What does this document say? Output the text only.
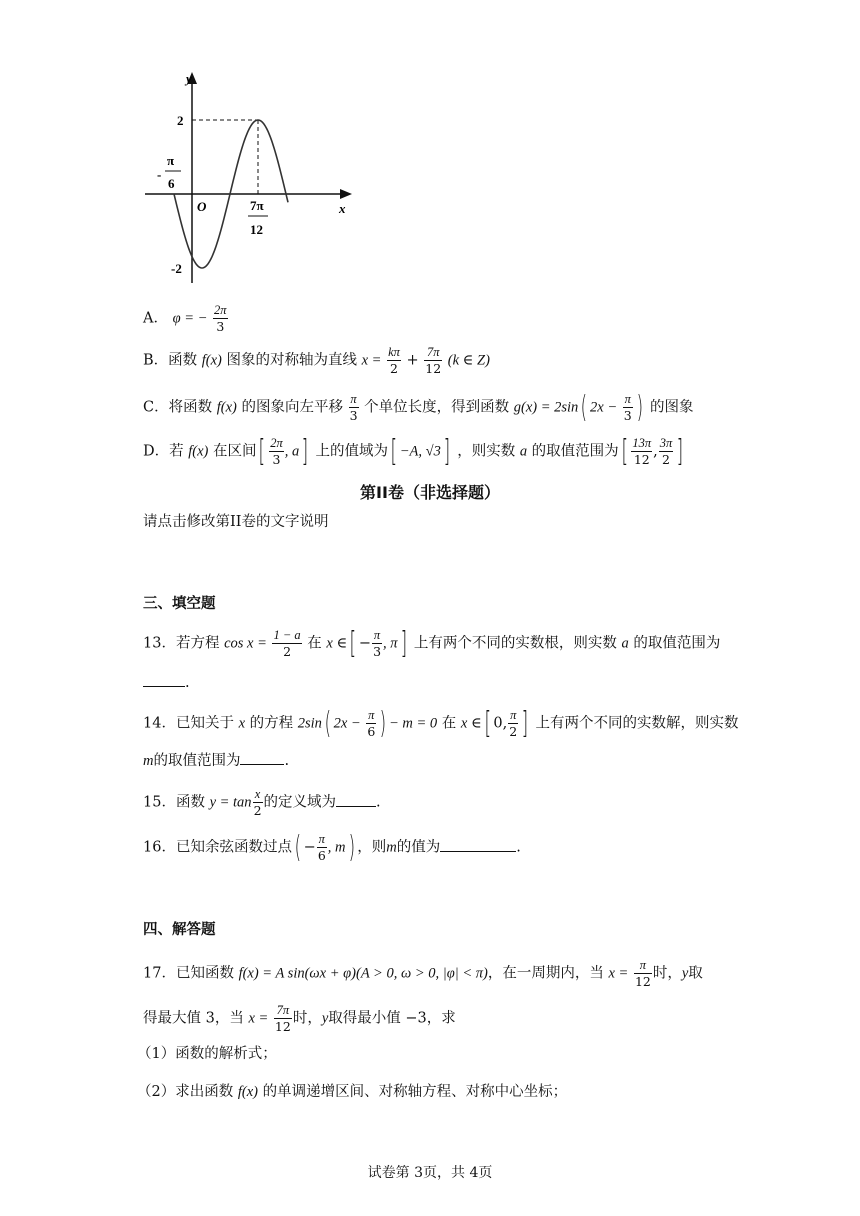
y
x
O
2
-2
-
π
6
7π
12
A． φ = − $\frac{2\pi}{3}$
B．函数 f(x) 图象的对称轴为直线 $x = \frac{k\pi}{2} + \frac{7\pi}{12} (k$ ∈ Z)
C．将函数 f(x) 的图象向左平移 $\frac{\pi}{3}$ 个单位长度，得到函数 g(x) = 2sin( $2x - \frac{\pi}{3}$ ) 的图象
D．若 f(x) 在区间[ $\frac{2\pi}{3}$ , a] 上的值域为[ −A, √3] ，则实数 a 的取值范围为[ $\frac{13\pi}{12}$ , $\frac{3\pi}{2}$ ]
第II卷（非选择题）
请点击修改第II卷的文字说明
三、填空题
13．若方程 $\cos x = \frac{1 - a}{2}$ 在 x ∈[ − $\frac{\pi}{3}$ , π] 上有两个不同的实数根，则实数 a 的取值范围为
.
14．已知关于 x 的方程 2sin( $2x - \frac{\pi}{6}$ ) − m = 0 在 x ∈[ 0, $\frac{\pi}{2}$ ] 上有两个不同的实数解，则实数
m的取值范围为	.
15．函数 $y = \tan \frac{x}{2}$ 的定义域为	.
16．已知余弦函数过点( − $\frac{\pi}{6}$ , m) ，则m的值为	.
四、解答题
17．已知函数 f(x) = A sin(ωx + φ)(A > 0, ω > 0, |φ| < π)，在一周期内，当 $x = \frac{\pi}{12}$ 时，y取
得最大值 3，当 $x = \frac{7\pi}{12}$ 时，y取得最小值 −3，求
（1）函数的解析式；
（2）求出函数 f(x) 的单调递增区间、对称轴方程、对称中心坐标；
试卷第 3页，共 4页
